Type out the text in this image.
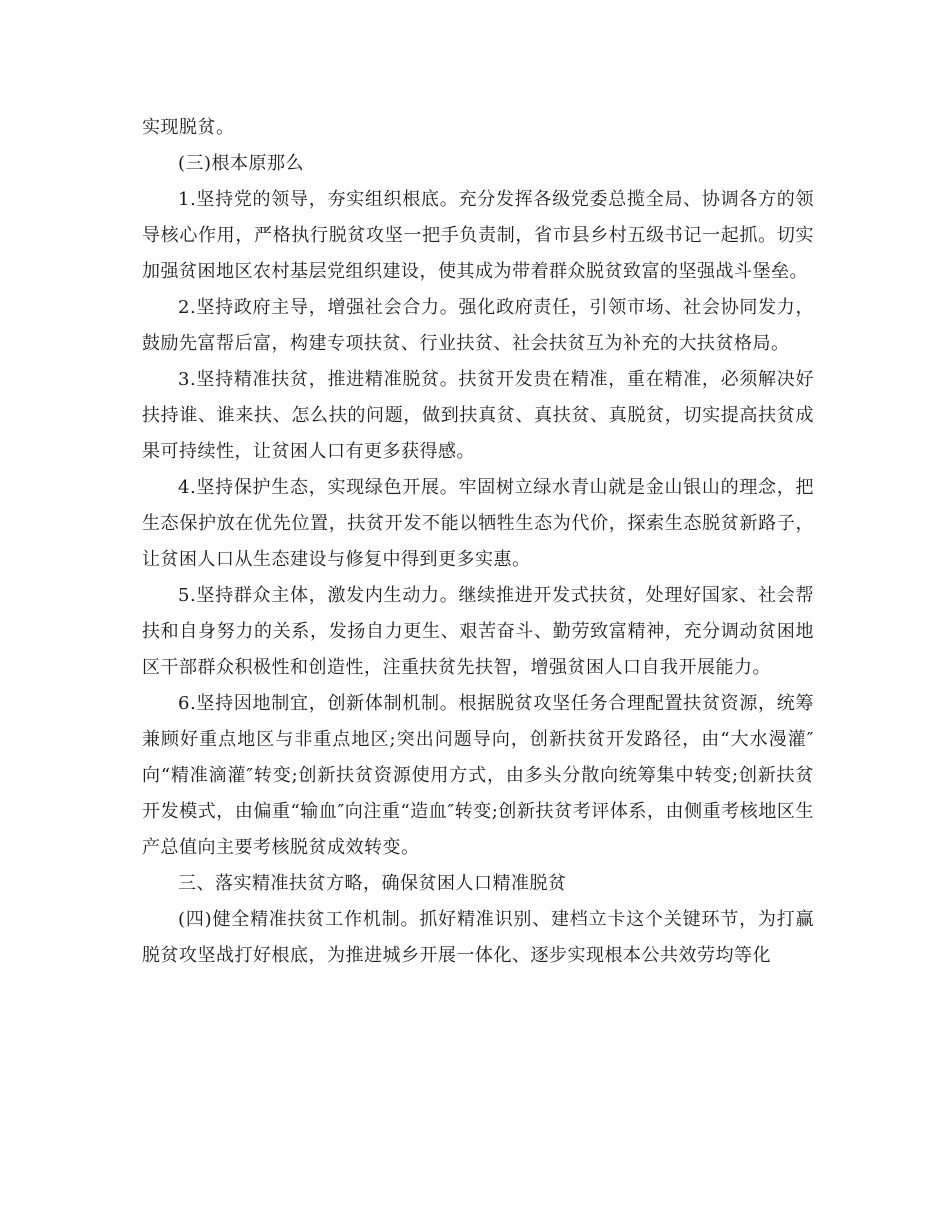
实现脱贫。

(三)根本原那么

1.坚持党的领导，夯实组织根底。充分发挥各级党委总揽全局、协调各方的领导核心作用，严格执行脱贫攻坚一把手负责制，省市县乡村五级书记一起抓。切实加强贫困地区农村基层党组织建设，使其成为带着群众脱贫致富的坚强战斗堡垒。

2.坚持政府主导，增强社会合力。强化政府责任，引领市场、社会协同发力，鼓励先富帮后富，构建专项扶贫、行业扶贫、社会扶贫互为补充的大扶贫格局。

3.坚持精准扶贫，推进精准脱贫。扶贫开发贵在精准，重在精准，必须解决好扶持谁、谁来扶、怎么扶的问题，做到扶真贫、真扶贫、真脱贫，切实提高扶贫成果可持续性，让贫困人口有更多获得感。

4.坚持保护生态，实现绿色开展。牢固树立绿水青山就是金山银山的理念，把生态保护放在优先位置，扶贫开发不能以牺牲生态为代价，探索生态脱贫新路子，让贫困人口从生态建设与修复中得到更多实惠。

5.坚持群众主体，激发内生动力。继续推进开发式扶贫，处理好国家、社会帮扶和自身努力的关系，发扬自力更生、艰苦奋斗、勤劳致富精神，充分调动贫困地区干部群众积极性和创造性，注重扶贫先扶智，增强贫困人口自我开展能力。

6.坚持因地制宜，创新体制机制。根据脱贫攻坚任务合理配置扶贫资源，统筹兼顾好重点地区与非重点地区;突出问题导向，创新扶贫开发路径，由“大水漫灌″向“精准滴灌″转变;创新扶贫资源使用方式，由多头分散向统筹集中转变;创新扶贫开发模式，由偏重“输血″向注重“造血″转变;创新扶贫考评体系，由侧重考核地区生产总值向主要考核脱贫成效转变。

三、落实精准扶贫方略，确保贫困人口精准脱贫

(四)健全精准扶贫工作机制。抓好精准识别、建档立卡这个关键环节，为打赢脱贫攻坚战打好根底，为推进城乡开展一体化、逐步实现根本公共效劳均等化
